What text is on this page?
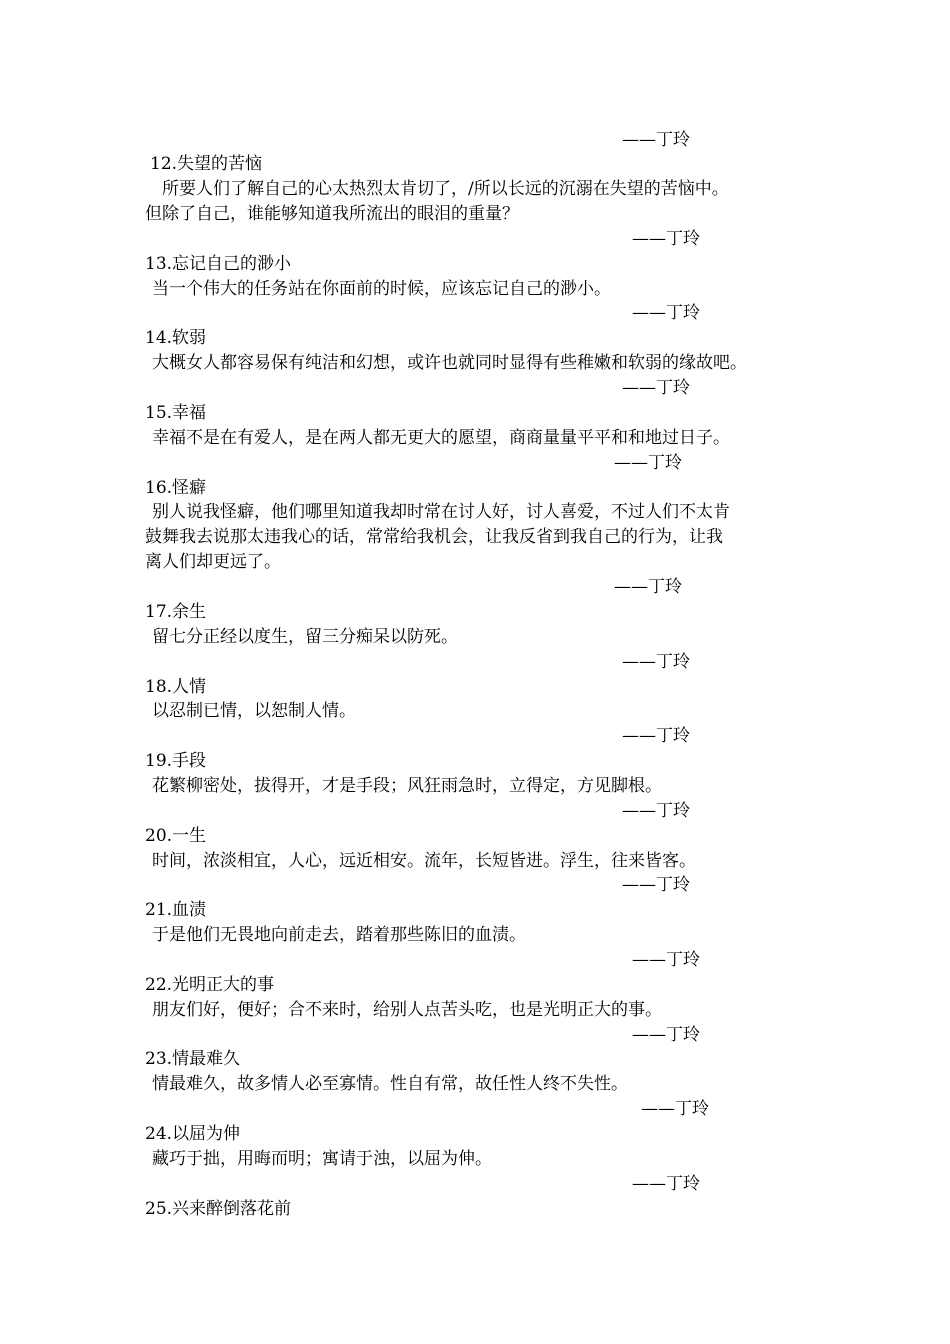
——丁玲
12.失望的苦恼
所要人们了解自己的心太热烈太肯切了，/所以长远的沉溺在失望的苦恼中。
但除了自己，谁能够知道我所流出的眼泪的重量？
——丁玲
13.忘记自己的渺小
当一个伟大的任务站在你面前的时候，应该忘记自己的渺小。
——丁玲
14.软弱
大概女人都容易保有纯洁和幻想，或许也就同时显得有些稚嫩和软弱的缘故吧。
——丁玲
15.幸福
幸福不是在有爱人，是在两人都无更大的愿望，商商量量平平和和地过日子。
——丁玲
16.怪癖
别人说我怪癖，他们哪里知道我却时常在讨人好，讨人喜爱，不过人们不太肯
鼓舞我去说那太违我心的话，常常给我机会，让我反省到我自己的行为，让我
离人们却更远了。
——丁玲
17.余生
留七分正经以度生，留三分痴呆以防死。
——丁玲
18.人情
以忍制已情，以恕制人情。
——丁玲
19.手段
花繁柳密处，拔得开，才是手段；风狂雨急时，立得定，方见脚根。
——丁玲
20.一生
时间，浓淡相宜，人心，远近相安。流年，长短皆进。浮生，往来皆客。
——丁玲
21.血渍
于是他们无畏地向前走去，踏着那些陈旧的血渍。
——丁玲
22.光明正大的事
朋友们好，便好；合不来时，给别人点苦头吃，也是光明正大的事。
——丁玲
23.情最难久
情最难久，故多情人必至寡情。性自有常，故任性人终不失性。
——丁玲
24.以屈为伸
藏巧于拙，用晦而明；寓请于浊，以屈为伸。
——丁玲
25.兴来醉倒落花前
